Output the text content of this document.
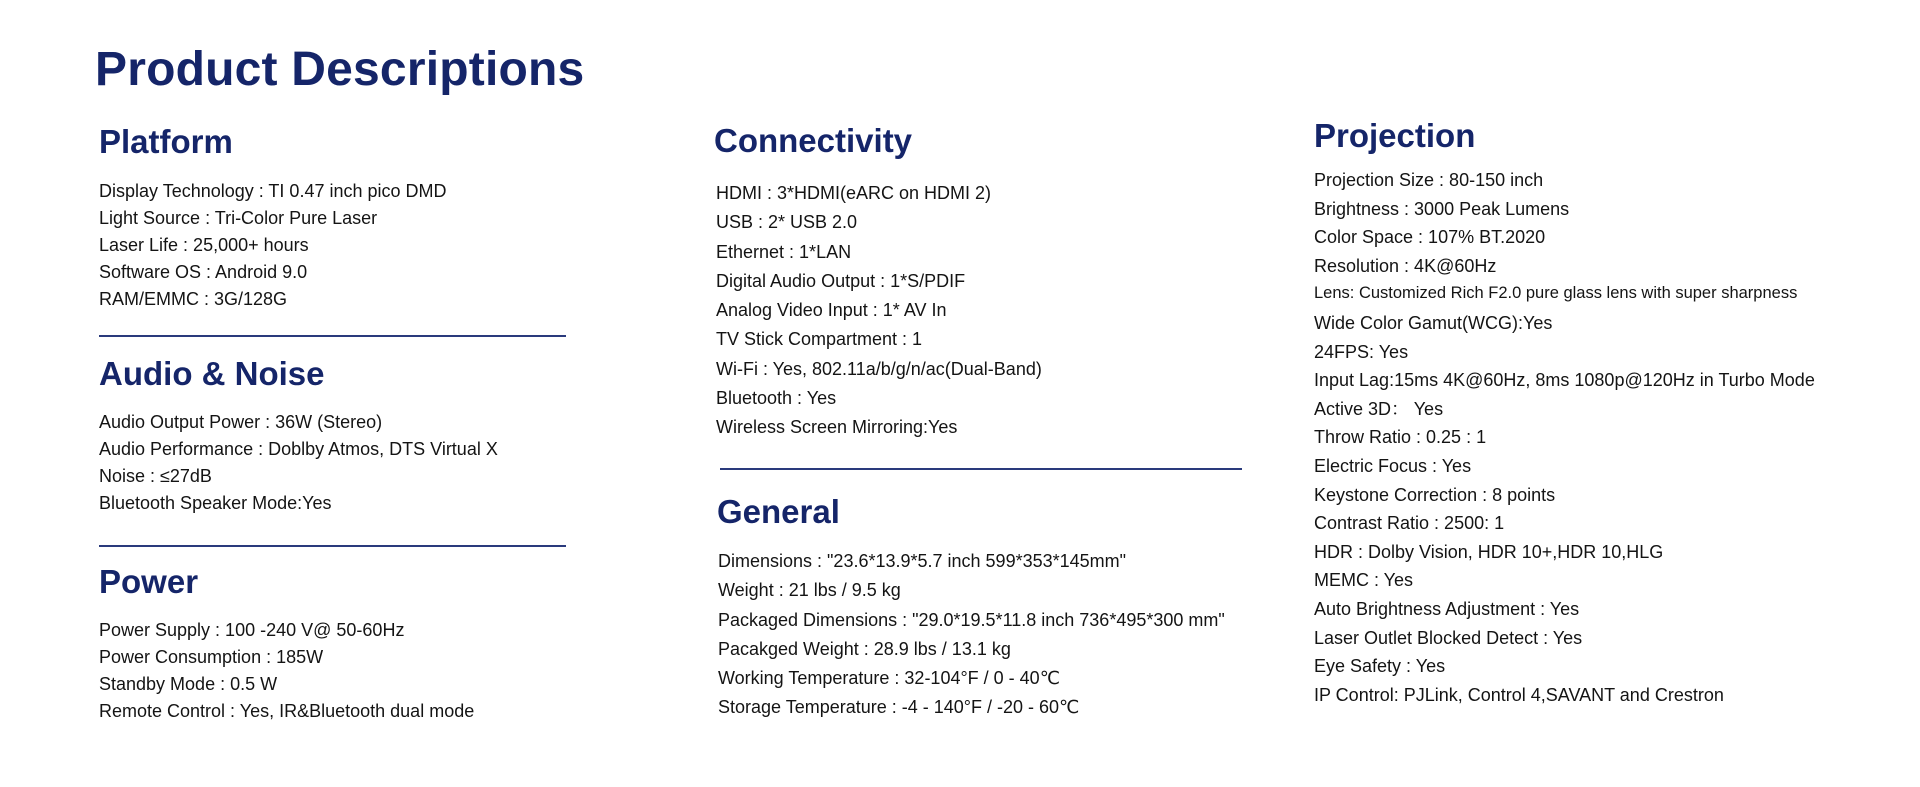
Product Descriptions
Platform
Display Technology : TI 0.47 inch pico DMD
Light Source : Tri-Color Pure Laser
Laser Life : 25,000+ hours
Software OS : Android 9.0
RAM/EMMC : 3G/128G
Audio & Noise
Audio Output Power : 36W (Stereo)
Audio Performance : Doblby Atmos, DTS Virtual X
Noise : ≤27dB
Bluetooth Speaker Mode:Yes
Power
Power Supply : 100 -240 V@ 50-60Hz
Power Consumption : 185W
Standby Mode : 0.5 W
Remote Control : Yes, IR&Bluetooth dual mode
Connectivity
HDMI : 3*HDMI(eARC on HDMI 2)
USB : 2* USB 2.0
Ethernet : 1*LAN
Digital Audio Output : 1*S/PDIF
Analog Video Input : 1* AV In
TV Stick Compartment : 1
Wi-Fi : Yes, 802.11a/b/g/n/ac(Dual-Band)
Bluetooth : Yes
Wireless Screen Mirroring:Yes
General
Dimensions : "23.6*13.9*5.7 inch 599*353*145mm"
Weight : 21 lbs / 9.5 kg
Packaged Dimensions : "29.0*19.5*11.8 inch 736*495*300 mm"
Pacakged Weight : 28.9 lbs / 13.1 kg
Working Temperature : 32-104°F / 0 - 40℃
Storage Temperature : -4 - 140°F / -20 - 60℃
Projection
Projection Size : 80-150 inch
Brightness : 3000 Peak Lumens
Color Space : 107% BT.2020
Resolution : 4K@60Hz
Lens: Customized Rich F2.0 pure glass lens with super sharpness
Wide Color Gamut(WCG):Yes
24FPS: Yes
Input Lag:15ms 4K@60Hz, 8ms 1080p@120Hz in Turbo Mode
Active 3D： Yes
Throw Ratio : 0.25 : 1
Electric Focus : Yes
Keystone Correction : 8 points
Contrast Ratio : 2500: 1
HDR : Dolby Vision, HDR 10+,HDR 10,HLG
MEMC : Yes
Auto Brightness Adjustment : Yes
Laser Outlet Blocked Detect : Yes
Eye Safety : Yes
IP Control: PJLink, Control 4,SAVANT and Crestron
